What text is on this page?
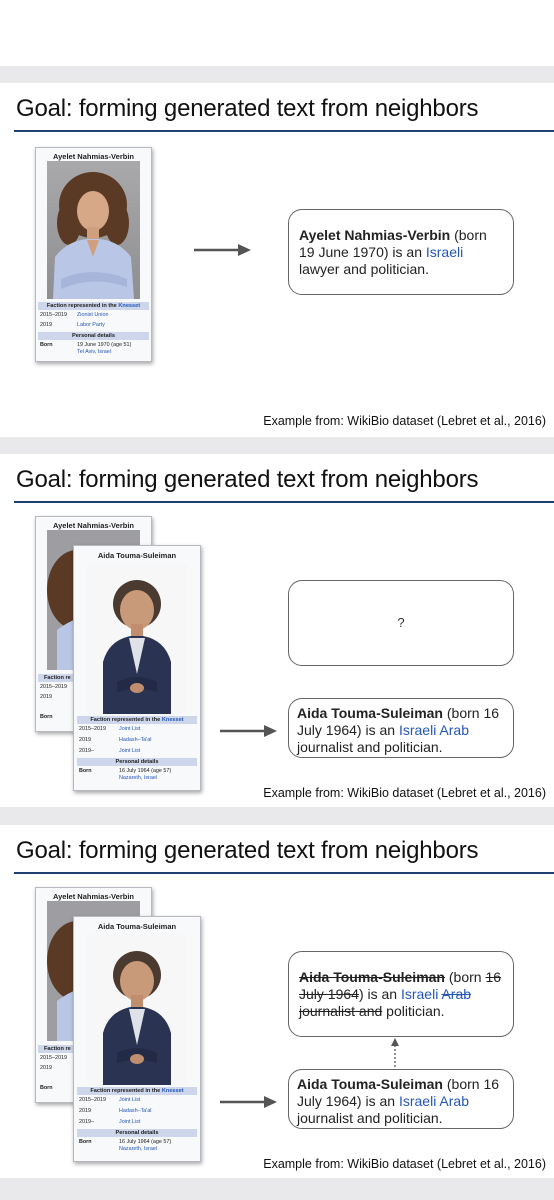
Goal: forming generated text from neighbors
Ayelet Nahmias-Verbin
Faction represented in the Knesset
2015–2019 Zionist Union
2019	Labor Party
Personal details
Born	19 June 1970 (age 51)
Tel Aviv, Israel
Ayelet Nahmias-Verbin (born 19 June 1970) is an Israeli lawyer and politician.
Example from: WikiBio dataset (Lebret et al., 2016)
Goal: forming generated text from neighbors
Ayelet Nahmias-Verbin
Faction re
2015–2019
2019
Born
Aida Touma-Suleiman
Faction represented in the Knesset
2015–2019 Joint List
2019	Hadash–Ta'al
2019–	Joint List
Personal details
Born	16 July 1964 (age 57)
Nazareth, Israel
?
Aida Touma-Suleiman (born 16 July 1964) is an Israeli Arab journalist and politician.
Example from: WikiBio dataset (Lebret et al., 2016)
Goal: forming generated text from neighbors
Ayelet Nahmias-Verbin
Faction re
2015–2019
2019
Born
Aida Touma-Suleiman
Faction represented in the Knesset
2015–2019 Joint List
2019	Hadash–Ta'al
2019–	Joint List
Personal details
Born	16 July 1964 (age 57)
Nazareth, Israel
Aida Touma-Suleiman (born 16 July 1964) is an Israeli Arab journalist and politician.
Aida Touma-Suleiman (born 16 July 1964) is an Israeli Arab journalist and politician.
Example from: WikiBio dataset (Lebret et al., 2016)
